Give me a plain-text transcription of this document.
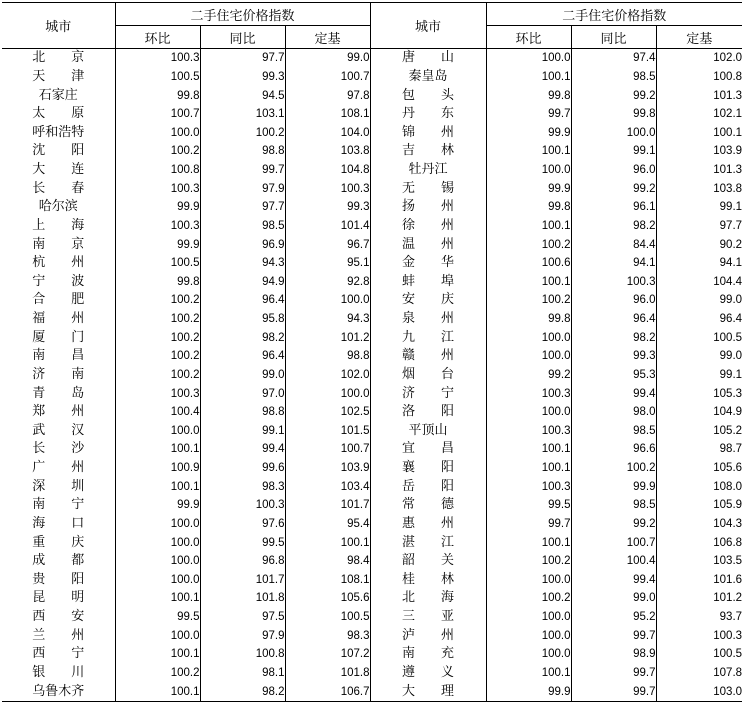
城市	二手住宅价格指数			城市	二手住宅价格指数		
	环比	同比	定基		环比	同比	定基
北　　京	100.3	97.7	99.0	唐　　山	100.0	97.4	102.0
天　　津	100.5	99.3	100.7	秦皇岛	100.1	98.5	100.8
石家庄	99.8	94.5	97.8	包　　头	99.8	99.2	101.3
太　　原	100.7	103.1	108.1	丹　　东	99.7	99.8	102.1
呼和浩特	100.0	100.2	104.0	锦　　州	99.9	100.0	100.1
沈　　阳	100.2	98.8	103.8	吉　　林	100.1	99.1	103.9
大　　连	100.8	99.7	104.8	牡丹江	100.0	96.0	101.3
长　　春	100.3	97.9	100.3	无　　锡	99.9	99.2	103.8
哈尔滨	99.9	97.7	99.3	扬　　州	99.8	96.1	99.1
上　　海	100.3	98.5	101.4	徐　　州	100.1	98.2	97.7
南　　京	99.9	96.9	96.7	温　　州	100.2	84.4	90.2
杭　　州	100.5	94.3	95.1	金　　华	100.6	94.1	94.1
宁　　波	99.8	94.9	92.8	蚌　　埠	100.1	100.3	104.4
合　　肥	100.2	96.4	100.0	安　　庆	100.2	96.0	99.0
福　　州	100.2	95.8	94.3	泉　　州	99.8	96.4	96.4
厦　　门	100.2	98.2	101.2	九　　江	100.0	98.2	100.5
南　　昌	100.2	96.4	98.8	赣　　州	100.0	99.3	99.0
济　　南	100.2	99.0	102.0	烟　　台	99.2	95.3	99.1
青　　岛	100.3	97.0	100.0	济　　宁	100.3	99.4	105.3
郑　　州	100.4	98.8	102.5	洛　　阳	100.0	98.0	104.9
武　　汉	100.0	99.1	101.5	平顶山	100.3	98.5	105.2
长　　沙	100.1	99.4	100.7	宜　　昌	100.1	96.6	98.7
广　　州	100.9	99.6	103.9	襄　　阳	100.1	100.2	105.6
深　　圳	100.1	98.3	103.4	岳　　阳	100.3	99.9	108.0
南　　宁	99.9	100.3	101.7	常　　德	99.5	98.5	105.9
海　　口	100.0	97.6	95.4	惠　　州	99.7	99.2	104.3
重　　庆	100.0	99.5	100.1	湛　　江	100.1	100.7	106.8
成　　都	100.0	96.8	98.4	韶　　关	100.2	100.4	103.5
贵　　阳	100.0	101.7	108.1	桂　　林	100.0	99.4	101.6
昆　　明	100.1	101.8	105.6	北　　海	100.2	99.0	101.2
西　　安	99.5	97.5	100.5	三　　亚	100.0	95.2	93.7
兰　　州	100.0	97.9	98.3	泸　　州	100.0	99.7	100.3
西　　宁	100.1	100.8	107.2	南　　充	100.0	98.9	100.5
银　　川	100.2	98.1	101.8	遵　　义	100.1	99.7	107.8
乌鲁木齐	100.1	98.2	106.7	大　　理	99.9	99.7	103.0
